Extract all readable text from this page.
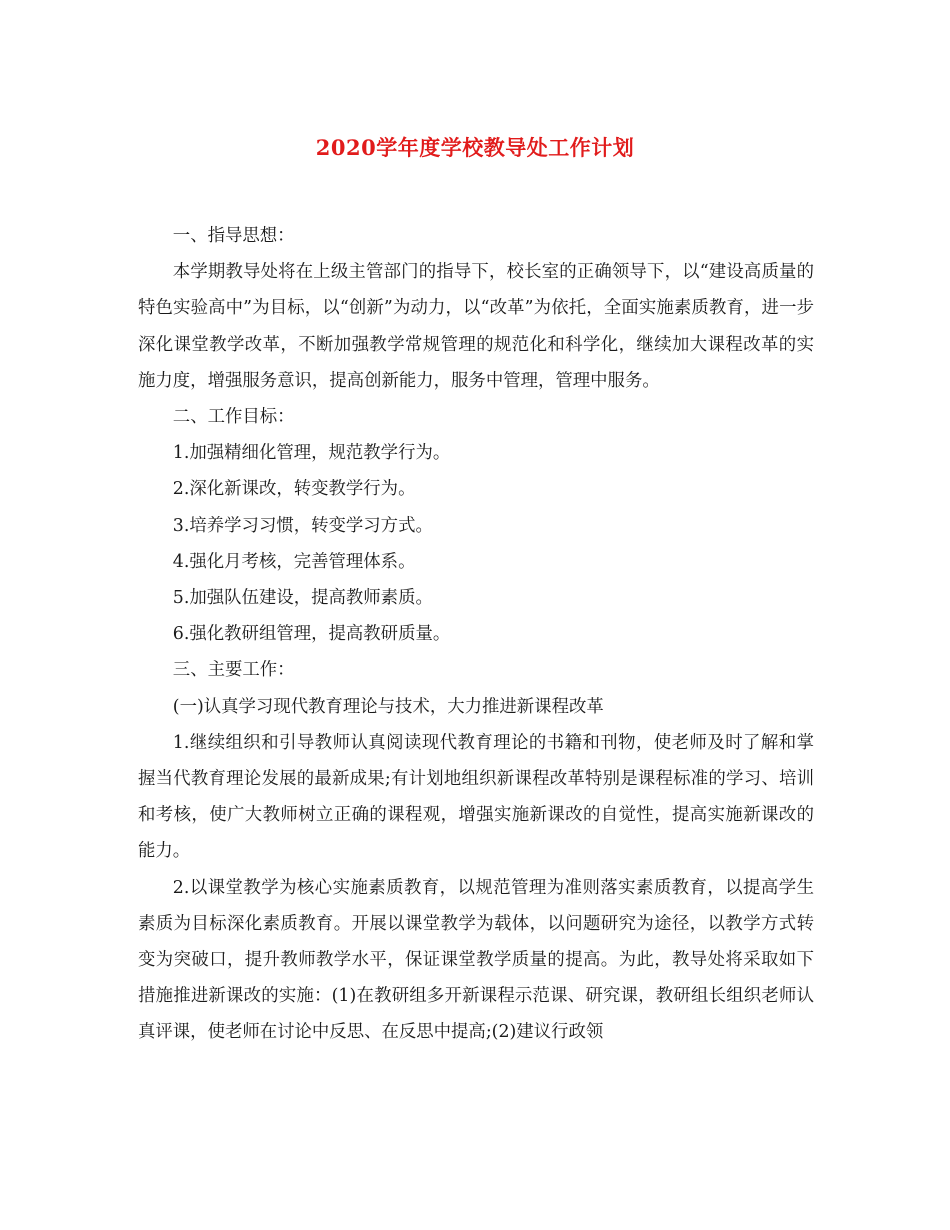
2020学年度学校教导处工作计划

一、指导思想：

本学期教导处将在上级主管部门的指导下，校长室的正确领导下，以“建设高质量的特色实验高中”为目标，以“创新”为动力，以“改革”为依托，全面实施素质教育，进一步深化课堂教学改革，不断加强教学常规管理的规范化和科学化，继续加大课程改革的实施力度，增强服务意识，提高创新能力，服务中管理，管理中服务。

二、工作目标：

1.加强精细化管理，规范教学行为。

2.深化新课改，转变教学行为。

3.培养学习习惯，转变学习方式。

4.强化月考核，完善管理体系。

5.加强队伍建设，提高教师素质。

6.强化教研组管理，提高教研质量。

三、主要工作：

(一)认真学习现代教育理论与技术，大力推进新课程改革

1.继续组织和引导教师认真阅读现代教育理论的书籍和刊物，使老师及时了解和掌握当代教育理论发展的最新成果;有计划地组织新课程改革特别是课程标准的学习、培训和考核，使广大教师树立正确的课程观，增强实施新课改的自觉性，提高实施新课改的能力。

2.以课堂教学为核心实施素质教育，以规范管理为准则落实素质教育，以提高学生素质为目标深化素质教育。开展以课堂教学为载体，以问题研究为途径，以教学方式转变为突破口，提升教师教学水平，保证课堂教学质量的提高。为此，教导处将采取如下措施推进新课改的实施：(1)在教研组多开新课程示范课、研究课，教研组长组织老师认真评课，使老师在讨论中反思、在反思中提高;(2)建议行政领
